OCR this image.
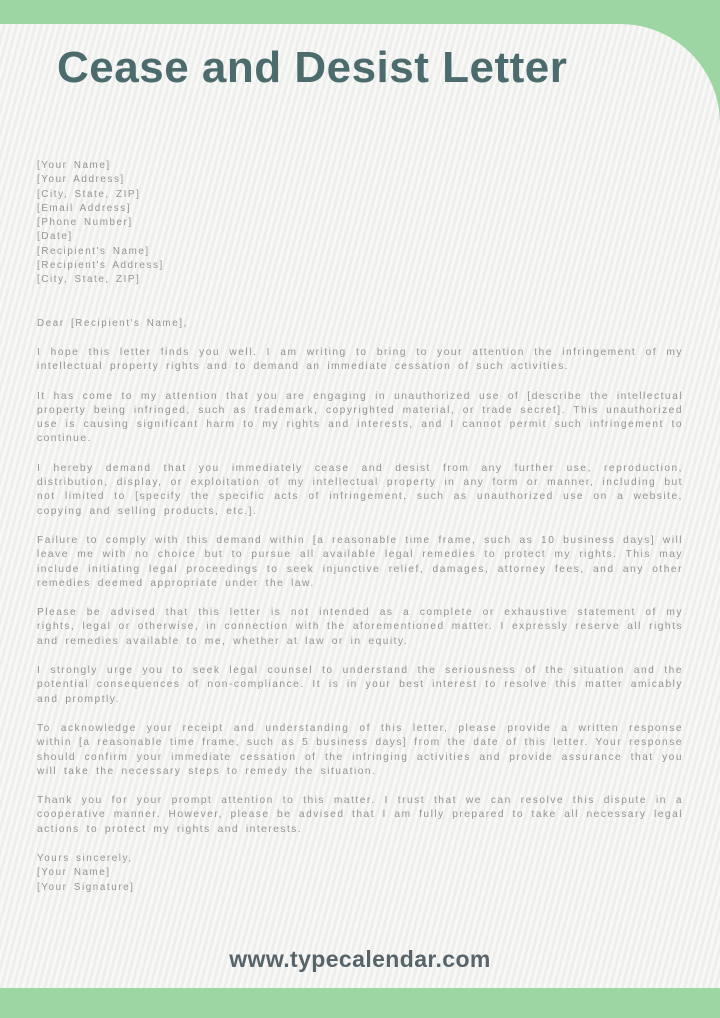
Cease and Desist Letter
[Your Name]
[Your Address]
[City, State, ZIP]
[Email Address]
[Phone Number]
[Date]
[Recipient's Name]
[Recipient's Address]
[City, State, ZIP]
Dear [Recipient's Name],

I hope this letter finds you well. I am writing to bring to your attention the infringement of my intellectual property rights and to demand an immediate cessation of such activities.

It has come to my attention that you are engaging in unauthorized use of [describe the intellectual property being infringed, such as trademark, copyrighted material, or trade secret]. This unauthorized use is causing significant harm to my rights and interests, and I cannot permit such infringement to continue.

I hereby demand that you immediately cease and desist from any further use, reproduction, distribution, display, or exploitation of my intellectual property in any form or manner, including but not limited to [specify the specific acts of infringement, such as unauthorized use on a website, copying and selling products, etc.].

Failure to comply with this demand within [a reasonable time frame, such as 10 business days] will leave me with no choice but to pursue all available legal remedies to protect my rights. This may include initiating legal proceedings to seek injunctive relief, damages, attorney fees, and any other remedies deemed appropriate under the law.

Please be advised that this letter is not intended as a complete or exhaustive statement of my rights, legal or otherwise, in connection with the aforementioned matter. I expressly reserve all rights and remedies available to me, whether at law or in equity.

I strongly urge you to seek legal counsel to understand the seriousness of the situation and the potential consequences of non-compliance. It is in your best interest to resolve this matter amicably and promptly.

To acknowledge your receipt and understanding of this letter, please provide a written response within [a reasonable time frame, such as 5 business days] from the date of this letter. Your response should confirm your immediate cessation of the infringing activities and provide assurance that you will take the necessary steps to remedy the situation.

Thank you for your prompt attention to this matter. I trust that we can resolve this dispute in a cooperative manner. However, please be advised that I am fully prepared to take all necessary legal actions to protect my rights and interests.

Yours sincerely,
[Your Name]
[Your Signature]
www.typecalendar.com
